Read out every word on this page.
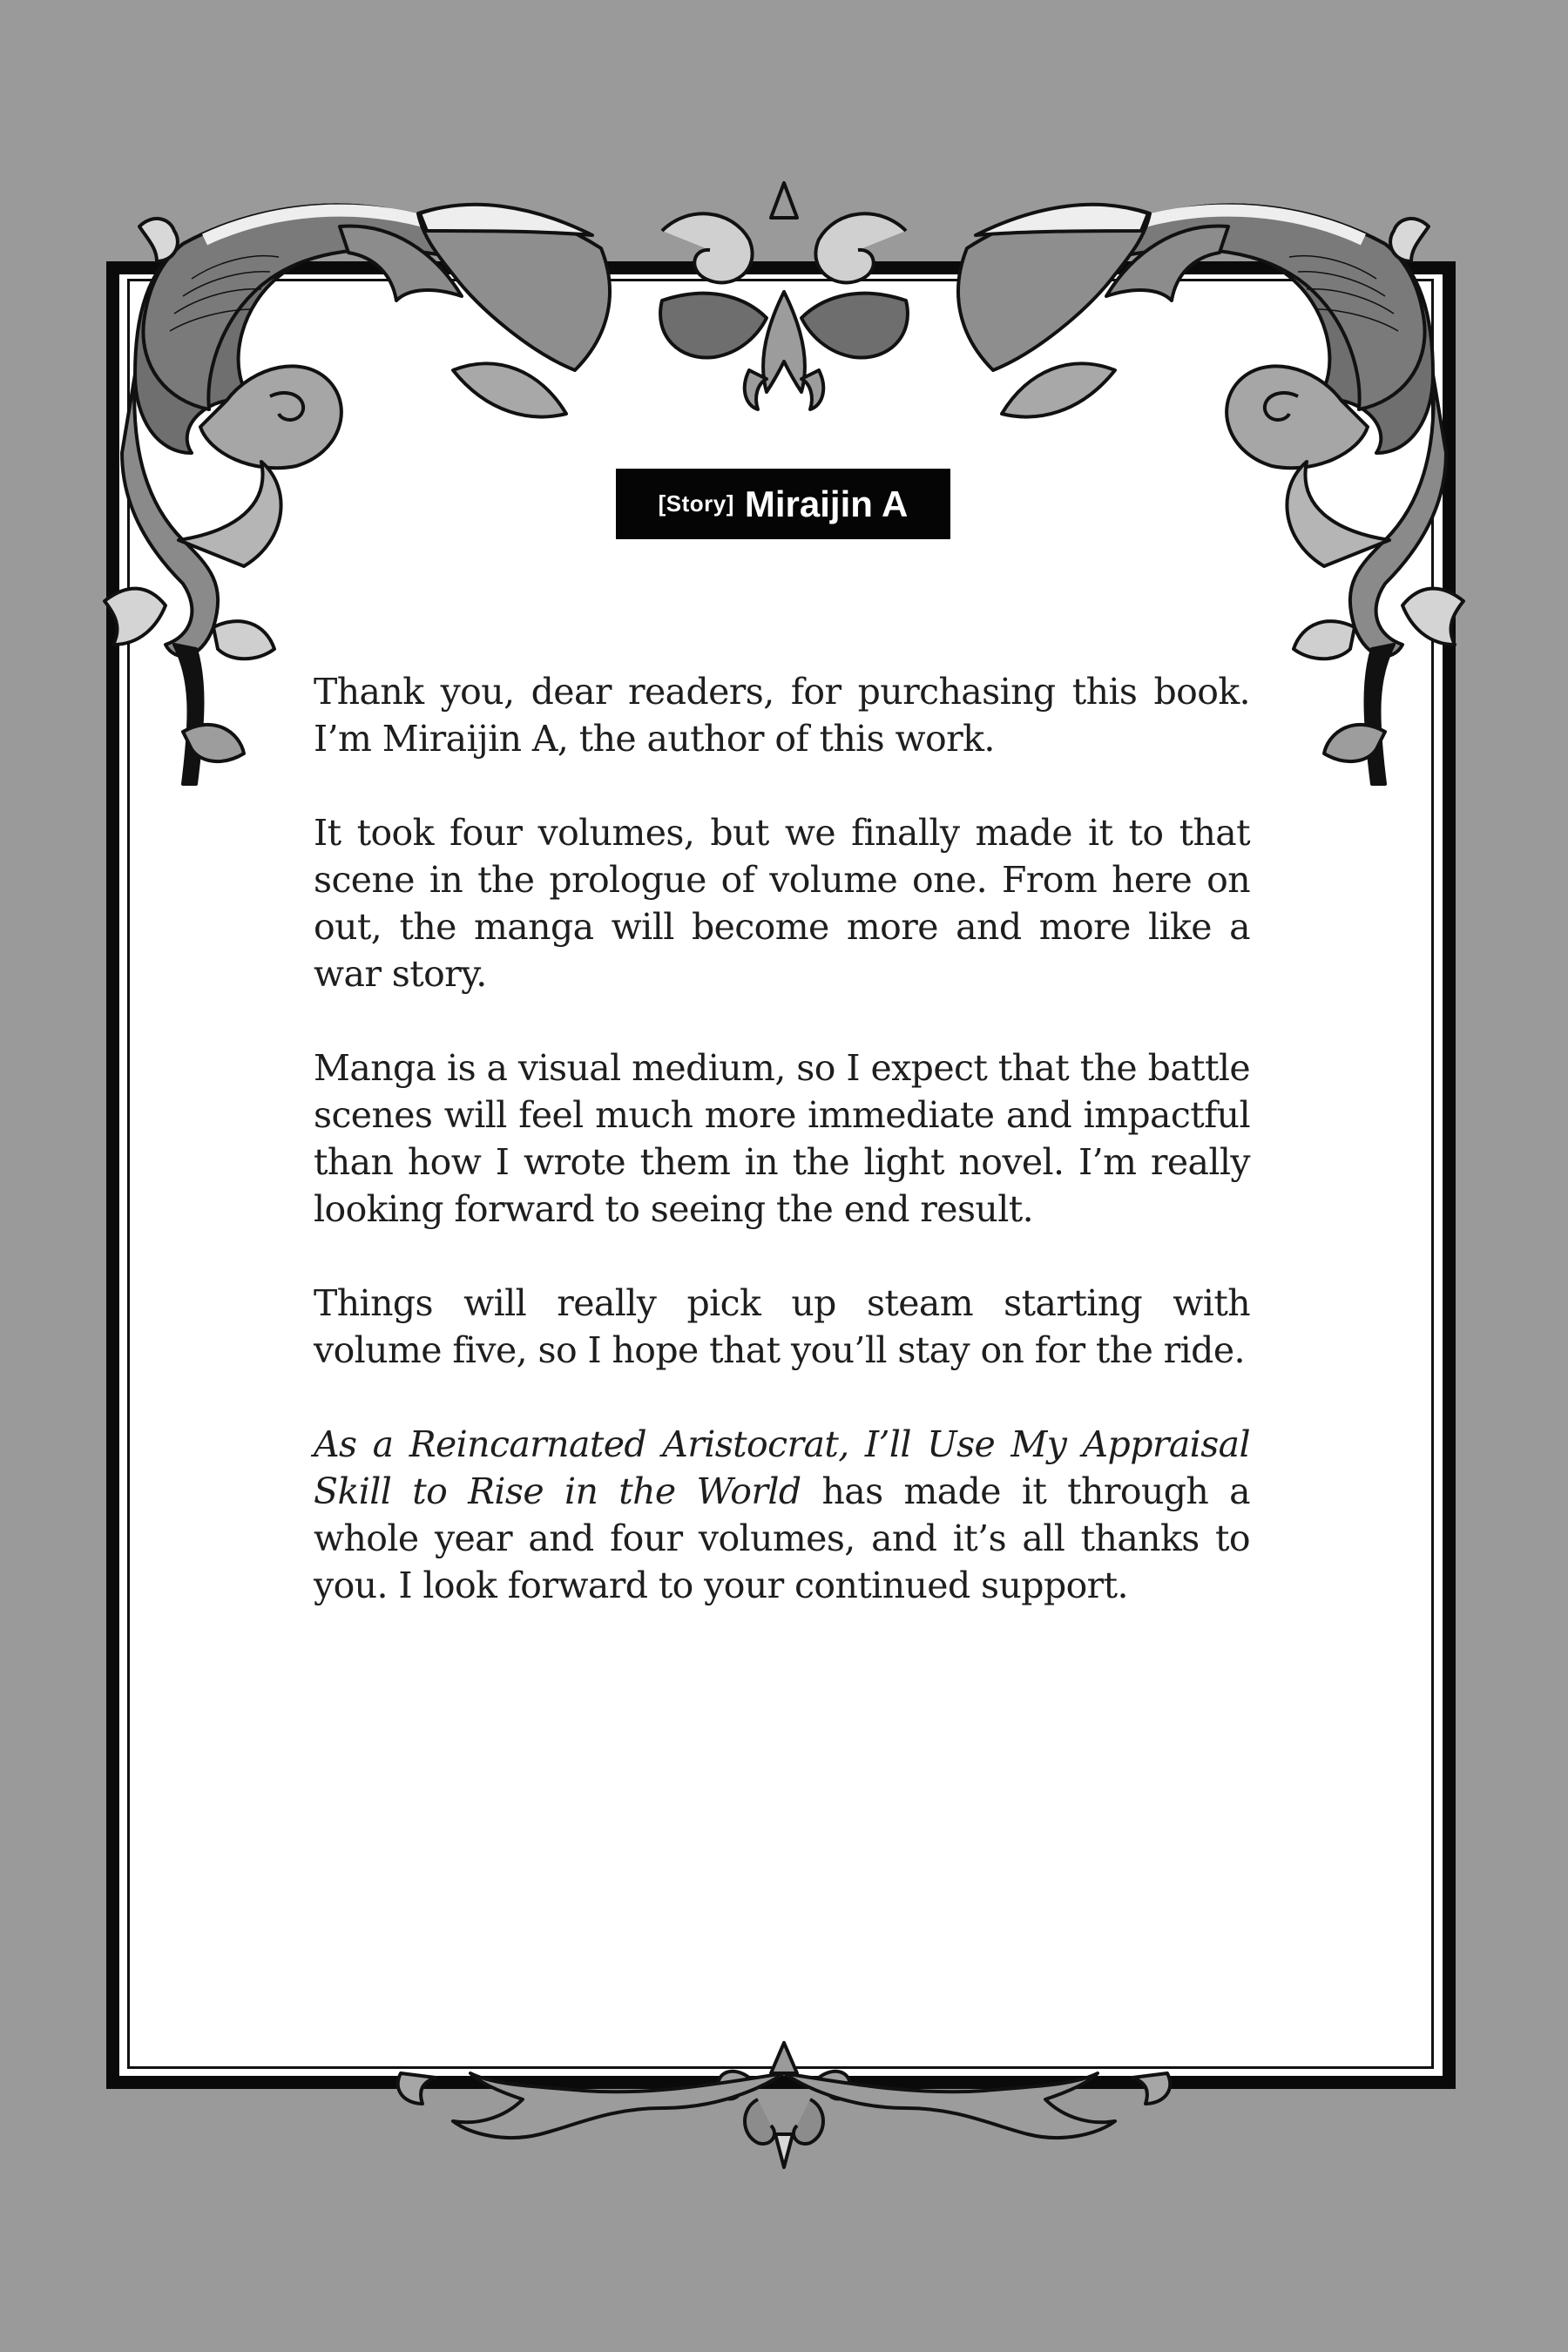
[Story] Miraijin A

Thank you, dear readers, for purchasing this book. I’m Miraijin A, the author of this work.

It took four volumes, but we finally made it to that scene in the prologue of volume one. From here on out, the manga will become more and more like a war story.

Manga is a visual medium, so I expect that the battle scenes will feel much more immediate and impactful than how I wrote them in the light novel. I’m really looking forward to seeing the end result.

Things will really pick up steam starting with volume five, so I hope that you’ll stay on for the ride.

As a Reincarnated Aristocrat, I’ll Use My Appraisal Skill to Rise in the World has made it through a whole year and four volumes, and it’s all thanks to you. I look forward to your continued support.
